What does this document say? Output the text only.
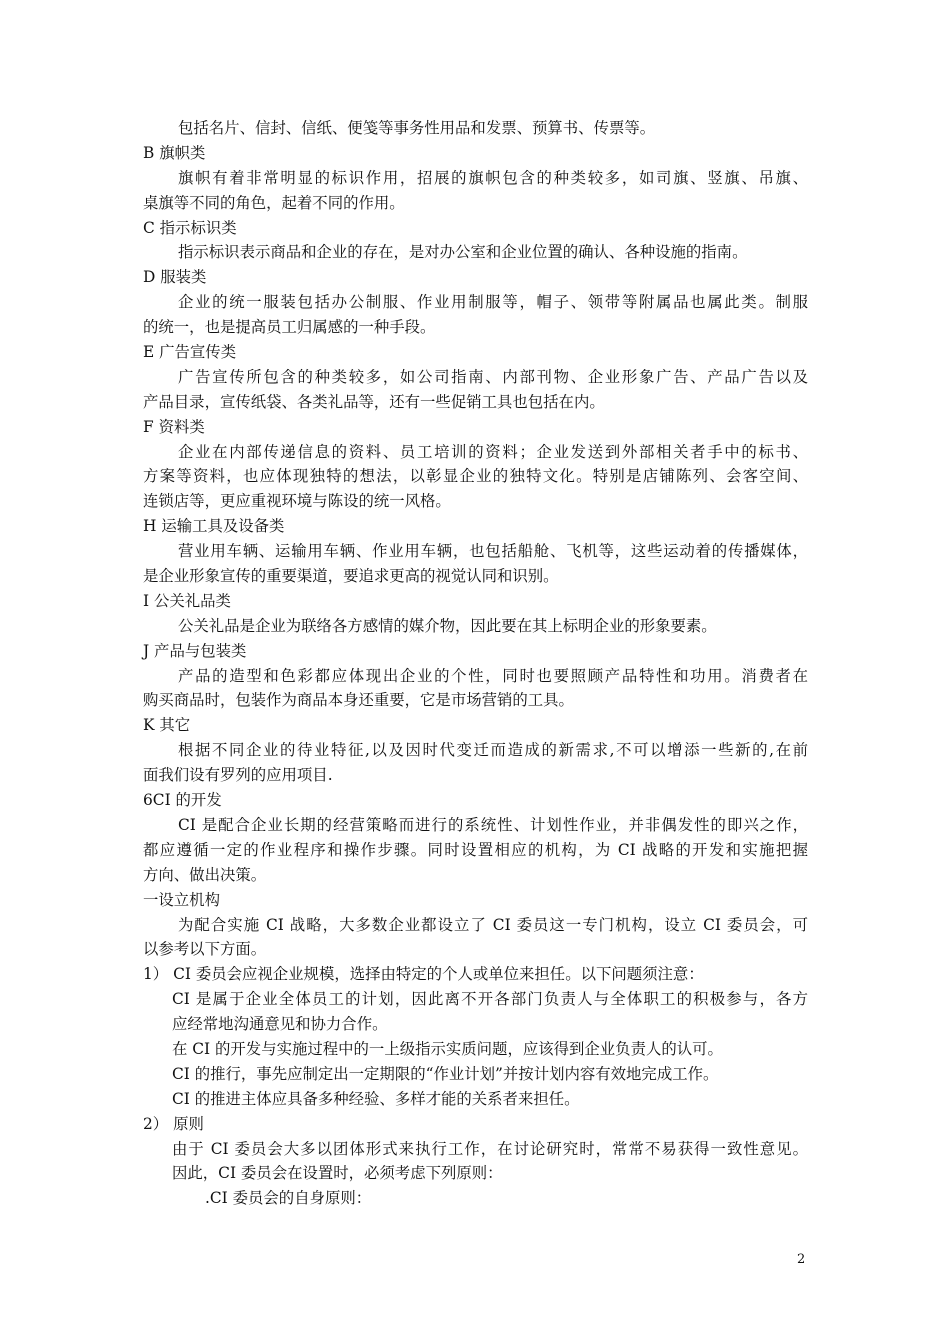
包括名片、信封、信纸、便笺等事务性用品和发票、预算书、传票等。
B 旗帜类
旗帜有着非常明显的标识作用，招展的旗帜包含的种类较多，如司旗、竖旗、吊旗、
桌旗等不同的角色，起着不同的作用。
C 指示标识类
指示标识表示商品和企业的存在，是对办公室和企业位置的确认、各种设施的指南。
D 服装类
企业的统一服装包括办公制服、作业用制服等，帽子、领带等附属品也属此类。制服
的统一，也是提高员工归属感的一种手段。
E 广告宣传类
广告宣传所包含的种类较多，如公司指南、内部刊物、企业形象广告、产品广告以及
产品目录，宣传纸袋、各类礼品等，还有一些促销工具也包括在内。
F 资料类
企业在内部传递信息的资料、员工培训的资料；企业发送到外部相关者手中的标书、
方案等资料，也应体现独特的想法，以彰显企业的独特文化。特别是店铺陈列、会客空间、
连锁店等，更应重视环境与陈设的统一风格。
H 运输工具及设备类
营业用车辆、运输用车辆、作业用车辆，也包括船舱、飞机等，这些运动着的传播媒体，
是企业形象宣传的重要渠道，要追求更高的视觉认同和识别。
I 公关礼品类
公关礼品是企业为联络各方感情的媒介物，因此要在其上标明企业的形象要素。
J 产品与包装类
产品的造型和色彩都应体现出企业的个性，同时也要照顾产品特性和功用。消费者在
购买商品时，包装作为商品本身还重要，它是市场营销的工具。
K 其它
根据不同企业的待业特征,以及因时代变迁而造成的新需求,不可以增添一些新的,在前
面我们设有罗列的应用项目.
6CI 的开发
CI 是配合企业长期的经营策略而进行的系统性、计划性作业，并非偶发性的即兴之作，
都应遵循一定的作业程序和操作步骤。同时设置相应的机构，为 CI 战略的开发和实施把握
方向、做出决策。
一设立机构
为配合实施 CI 战略，大多数企业都设立了 CI 委员这一专门机构，设立 CI 委员会，可
以参考以下方面。
1） CI 委员会应视企业规模，选择由特定的个人或单位来担任。以下问题须注意：
CI 是属于企业全体员工的计划，因此离不开各部门负责人与全体职工的积极参与，各方
应经常地沟通意见和协力合作。
在 CI 的开发与实施过程中的一上级指示实质问题，应该得到企业负责人的认可。
CI 的推行，事先应制定出一定期限的“作业计划”并按计划内容有效地完成工作。
CI 的推进主体应具备多种经验、多样才能的关系者来担任。
2） 原则
由于 CI 委员会大多以团体形式来执行工作，在讨论研究时，常常不易获得一致性意见。
因此，CI 委员会在设置时，必须考虑下列原则：
.CI 委员会的自身原则：
2
